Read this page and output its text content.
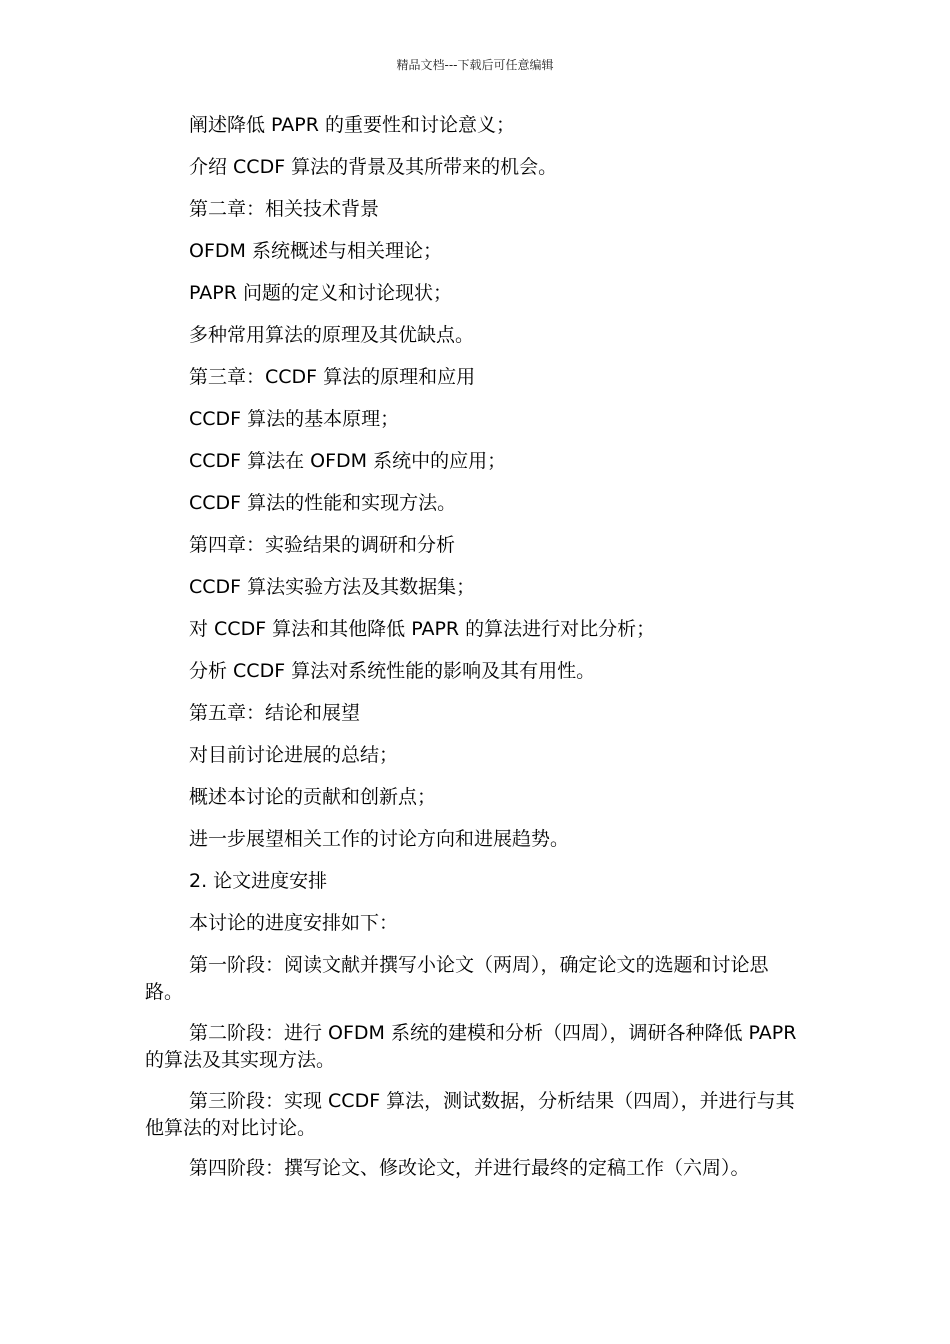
精品文档---下载后可任意编辑

阐述降低 PAPR 的重要性和讨论意义；

介绍 CCDF 算法的背景及其所带来的机会。

第二章：相关技术背景

OFDM 系统概述与相关理论；

PAPR 问题的定义和讨论现状；

多种常用算法的原理及其优缺点。

第三章：CCDF 算法的原理和应用

CCDF 算法的基本原理；

CCDF 算法在 OFDM 系统中的应用；

CCDF 算法的性能和实现方法。

第四章：实验结果的调研和分析

CCDF 算法实验方法及其数据集；

对 CCDF 算法和其他降低 PAPR 的算法进行对比分析；

分析 CCDF 算法对系统性能的影响及其有用性。

第五章：结论和展望

对目前讨论进展的总结；

概述本讨论的贡献和创新点；

进一步展望相关工作的讨论方向和进展趋势。

2. 论文进度安排

本讨论的进度安排如下：

第一阶段：阅读文献并撰写小论文（两周），确定论文的选题和讨论思路。

第二阶段：进行 OFDM 系统的建模和分析（四周），调研各种降低 PAPR 的算法及其实现方法。

第三阶段：实现 CCDF 算法，测试数据，分析结果（四周），并进行与其他算法的对比讨论。

第四阶段：撰写论文、修改论文，并进行最终的定稿工作（六周）。
